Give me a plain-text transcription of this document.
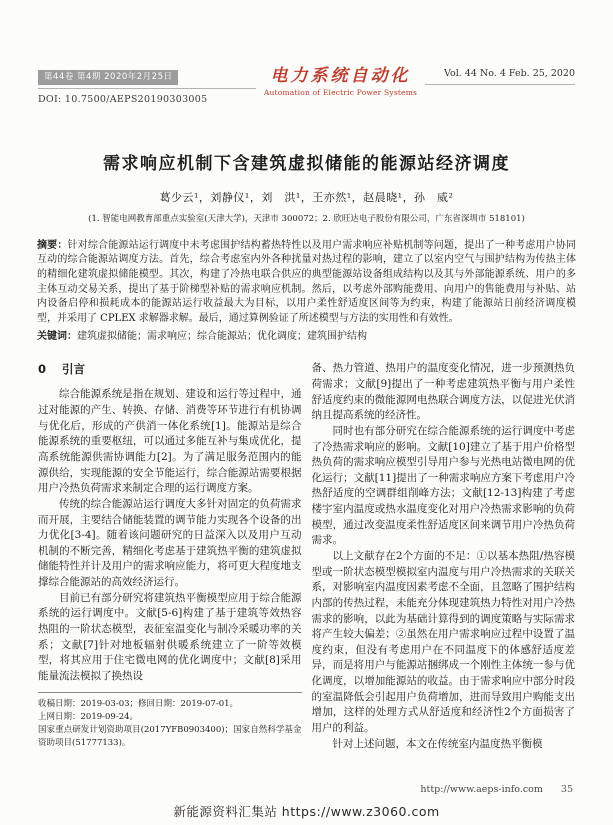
第44卷 第4期 2020年2月25日
DOI: 10.7500/AEPS20190303005
电力系统自动化
Automation of Electric Power Systems
Vol. 44 No. 4 Feb. 25, 2020
需求响应机制下含建筑虚拟储能的能源站经济调度
葛少云¹，刘静仪¹，刘　洪¹，王亦然¹，赵晨晓¹，孙　威²
(1. 智能电网教育部重点实验室(天津大学)，天津市 300072；2. 欣旺达电子股份有限公司，广东省深圳市 518101)
摘要：针对综合能源站运行调度中未考虑围护结构蓄热特性以及用户需求响应补贴机制等问题，提出了一种考虑用户协同互动的综合能源站调度方法。首先，综合考虑室内外各种扰量对热过程的影响，建立了以室内空气与围护结构为传热主体的精细化建筑虚拟储能模型。其次，构建了冷热电联合供应的典型能源站设备组成结构以及其与外部能源系统、用户的多主体互动交易关系，提出了基于阶梯型补贴的需求响应机制。然后，以考虑外部购能费用、向用户的售能费用与补贴、站内设备启停和损耗成本的能源站运行收益最大为目标，以用户柔性舒适度区间等为约束，构建了能源站日前经济调度模型，并采用了 CPLEX 求解器求解。最后，通过算例验证了所述模型与方法的实用性和有效性。
关键词：建筑虚拟储能；需求响应；综合能源站；优化调度；建筑围护结构
0 引言

综合能源系统是指在规划、建设和运行等过程中，通过对能源的产生、转换、存储、消费等环节进行有机协调与优化后，形成的产供消一体化系统[1]。能源站是综合能源系统的重要枢纽，可以通过多能互补与集成优化，提高系统能源供需协调能力[2]。为了满足服务范围内的能源供给，实现能源的安全节能运行，综合能源站需要根据用户冷热负荷需求来制定合理的运行调度方案。

传统的综合能源站运行调度大多针对固定的负荷需求而开展，主要结合储能装置的调节能力实现各个设备的出力优化[3-4]。随着该问题研究的日益深入以及用户互动机制的不断完善，精细化考虑基于建筑热平衡的建筑虚拟储能特性并计及用户的需求响应能力，将可更大程度地支撑综合能源站的高效经济运行。

目前已有部分研究将建筑热平衡模型应用于综合能源系统的运行调度中。文献[5-6]构建了基于建筑等效热容热阻的一阶状态模型，表征室温变化与制冷采暖功率的关系；文献[7]针对地板辐射供暖系统建立了一阶等效模型，将其应用于住宅微电网的优化调度中；文献[8]采用能量流法模拟了换热设

收稿日期：2019-03-03；修回日期：2019-07-01。
上网日期：2019-09-24。
国家重点研发计划资助项目(2017YFB0903400)；国家自然科学基金资助项目(51777133)。

备、热力管道、热用户的温度变化情况，进一步预测热负荷需求；文献[9]提出了一种考虑建筑热平衡与用户柔性舒适度约束的微能源网电热联合调度方法，以促进光伏消纳且提高系统的经济性。

同时也有部分研究在综合能源系统的运行调度中考虑了冷热需求响应的影响。文献[10]建立了基于用户价格型热负荷的需求响应模型引导用户参与光热电站微电网的优化运行；文献[11]提出了一种需求响应方案下考虑用户冷热舒适度的空调群组削峰方法；文献[12-13]构建了考虑楼宇室内温度或热水温度变化对用户冷热需求影响的负荷模型，通过改变温度柔性舒适度区间来调节用户冷热负荷需求。

以上文献存在2个方面的不足：①以基本热阻/热容模型或一阶状态模型模拟室内温度与用户冷热需求的关联关系，对影响室内温度因素考虑不全面，且忽略了围护结构内部的传热过程，未能充分体现建筑热力特性对用户冷热需求的影响，以此为基础计算得到的调度策略与实际需求将产生较大偏差；②虽然在用户需求响应过程中设置了温度约束，但没有考虑用户在不同温度下的体感舒适度差异，而是将用户与能源站捆绑成一个刚性主体统一参与优化调度，以增加能源站的收益。由于需求响应中部分时段的室温降低会引起用户负荷增加，进而导致用户购能支出增加，这样的处理方式从舒适度和经济性2个方面损害了用户的利益。

针对上述问题，本文在传统室内温度热平衡模

http://www.aeps-info.com 35
新能源资料汇集站 https://www.z3060.com
